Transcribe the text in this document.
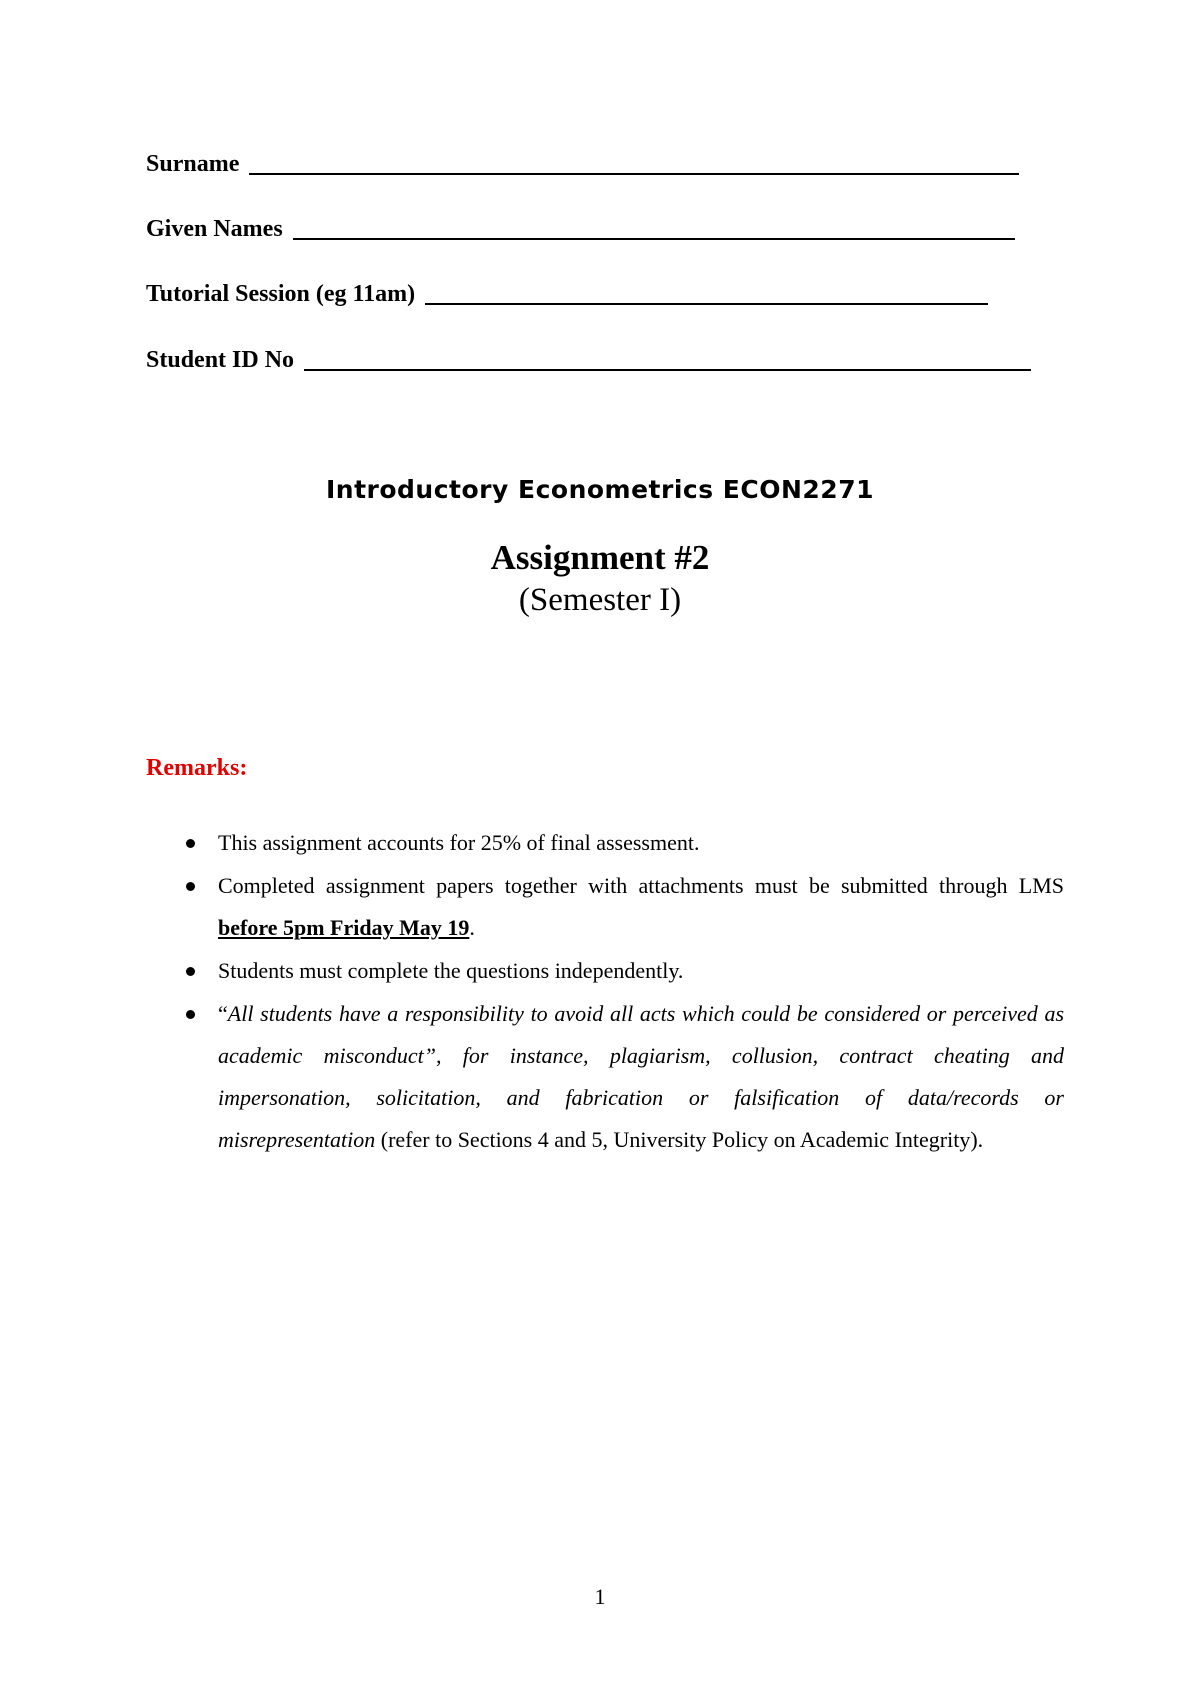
Surname
Given Names
Tutorial Session (eg 11am)
Student ID No
Introductory Econometrics ECON2271
Assignment #2
(Semester I)
Remarks:
This assignment accounts for 25% of final assessment.
Completed assignment papers together with attachments must be submitted through LMS before 5pm Friday May 19.
Students must complete the questions independently.
“All students have a responsibility to avoid all acts which could be considered or perceived as academic misconduct”, for instance, plagiarism, collusion, contract cheating and impersonation, solicitation, and fabrication or falsification of data/records or misrepresentation (refer to Sections 4 and 5, University Policy on Academic Integrity).
1
